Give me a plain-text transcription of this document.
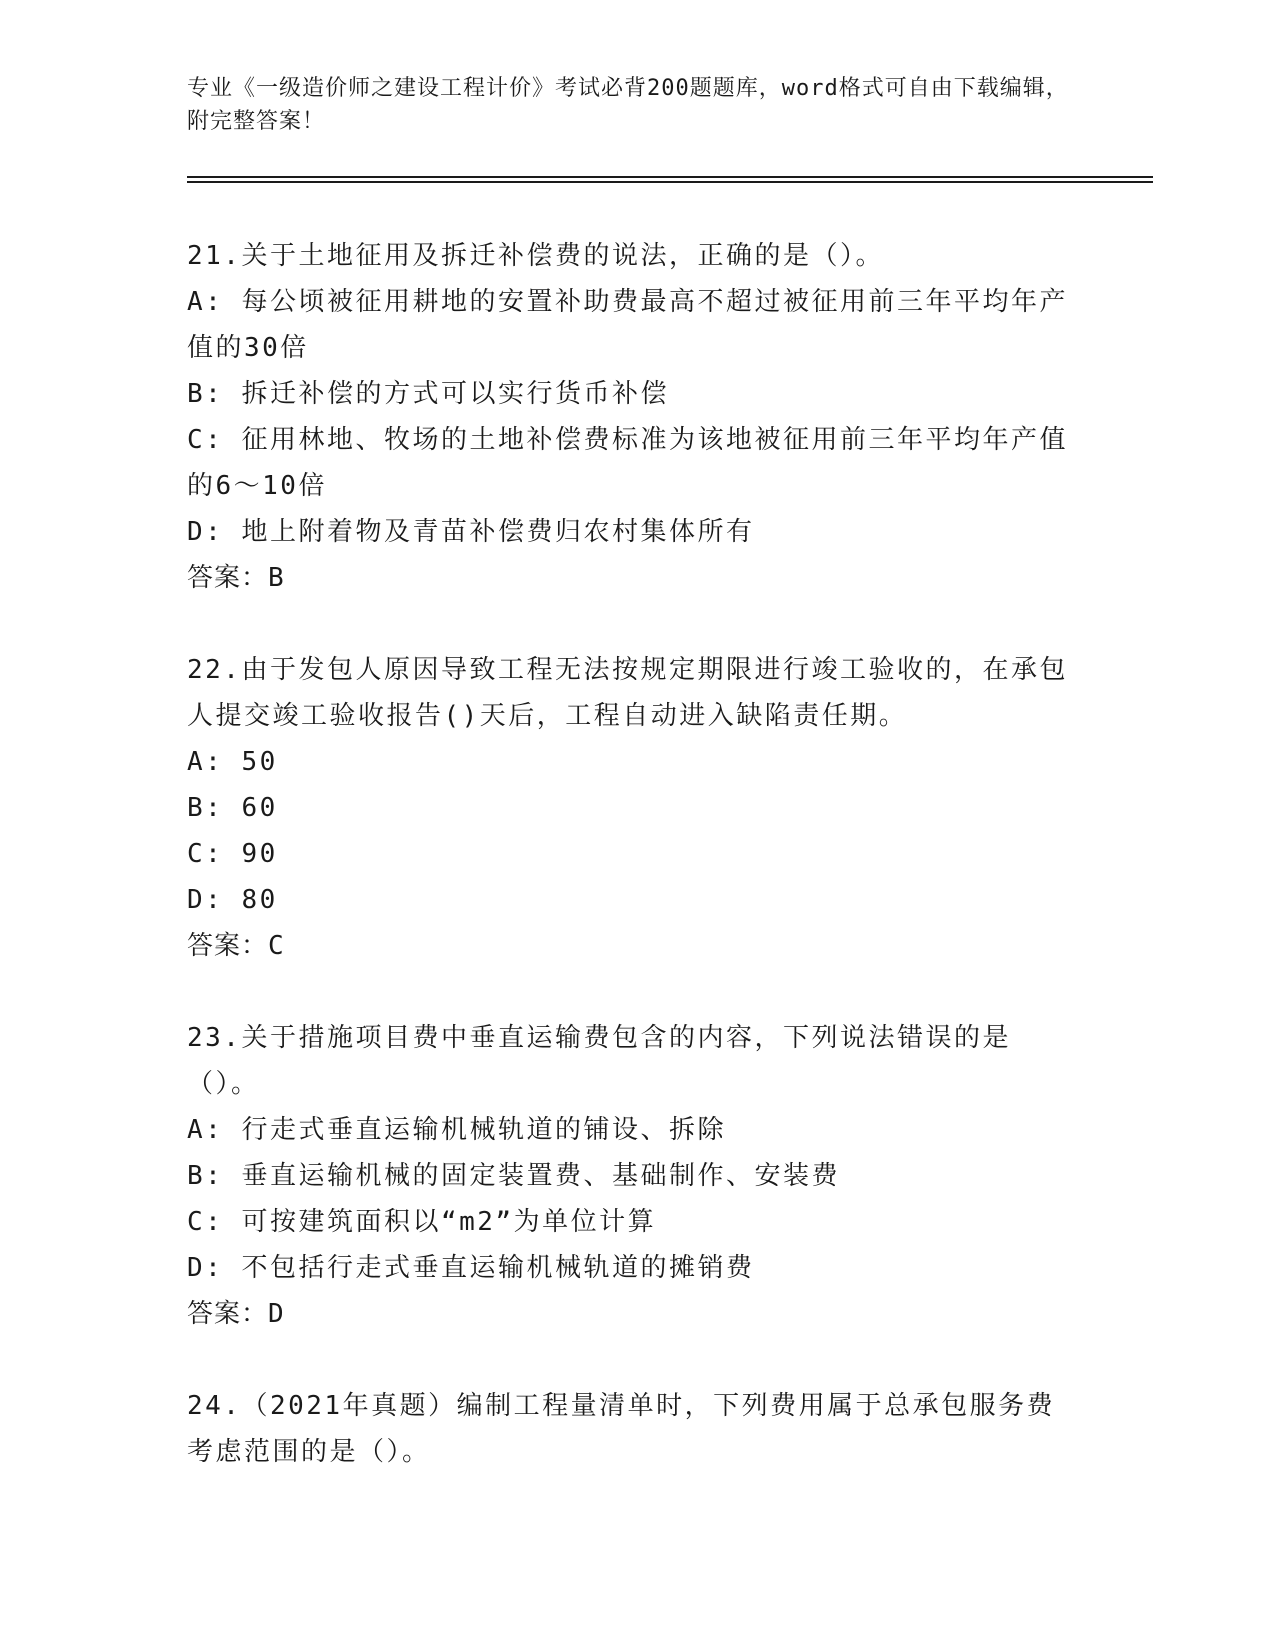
专业《一级造价师之建设工程计价》考试必背200题题库，word格式可自由下载编辑，附完整答案！
21.关于土地征用及拆迁补偿费的说法，正确的是（）。
A: 每公顷被征用耕地的安置补助费最高不超过被征用前三年平均年产值的30倍
B: 拆迁补偿的方式可以实行货币补偿
C: 征用林地、牧场的土地补偿费标准为该地被征用前三年平均年产值的6～10倍
D: 地上附着物及青苗补偿费归农村集体所有
答案：B
22.由于发包人原因导致工程无法按规定期限进行竣工验收的，在承包人提交竣工验收报告()天后，工程自动进入缺陷责任期。
A: 50
B: 60
C: 90
D: 80
答案：C
23.关于措施项目费中垂直运输费包含的内容，下列说法错误的是（）。
A: 行走式垂直运输机械轨道的铺设、拆除
B: 垂直运输机械的固定装置费、基础制作、安装费
C: 可按建筑面积以“m2”为单位计算
D: 不包括行走式垂直运输机械轨道的摊销费
答案：D
24.（2021年真题）编制工程量清单时，下列费用属于总承包服务费考虑范围的是（）。
